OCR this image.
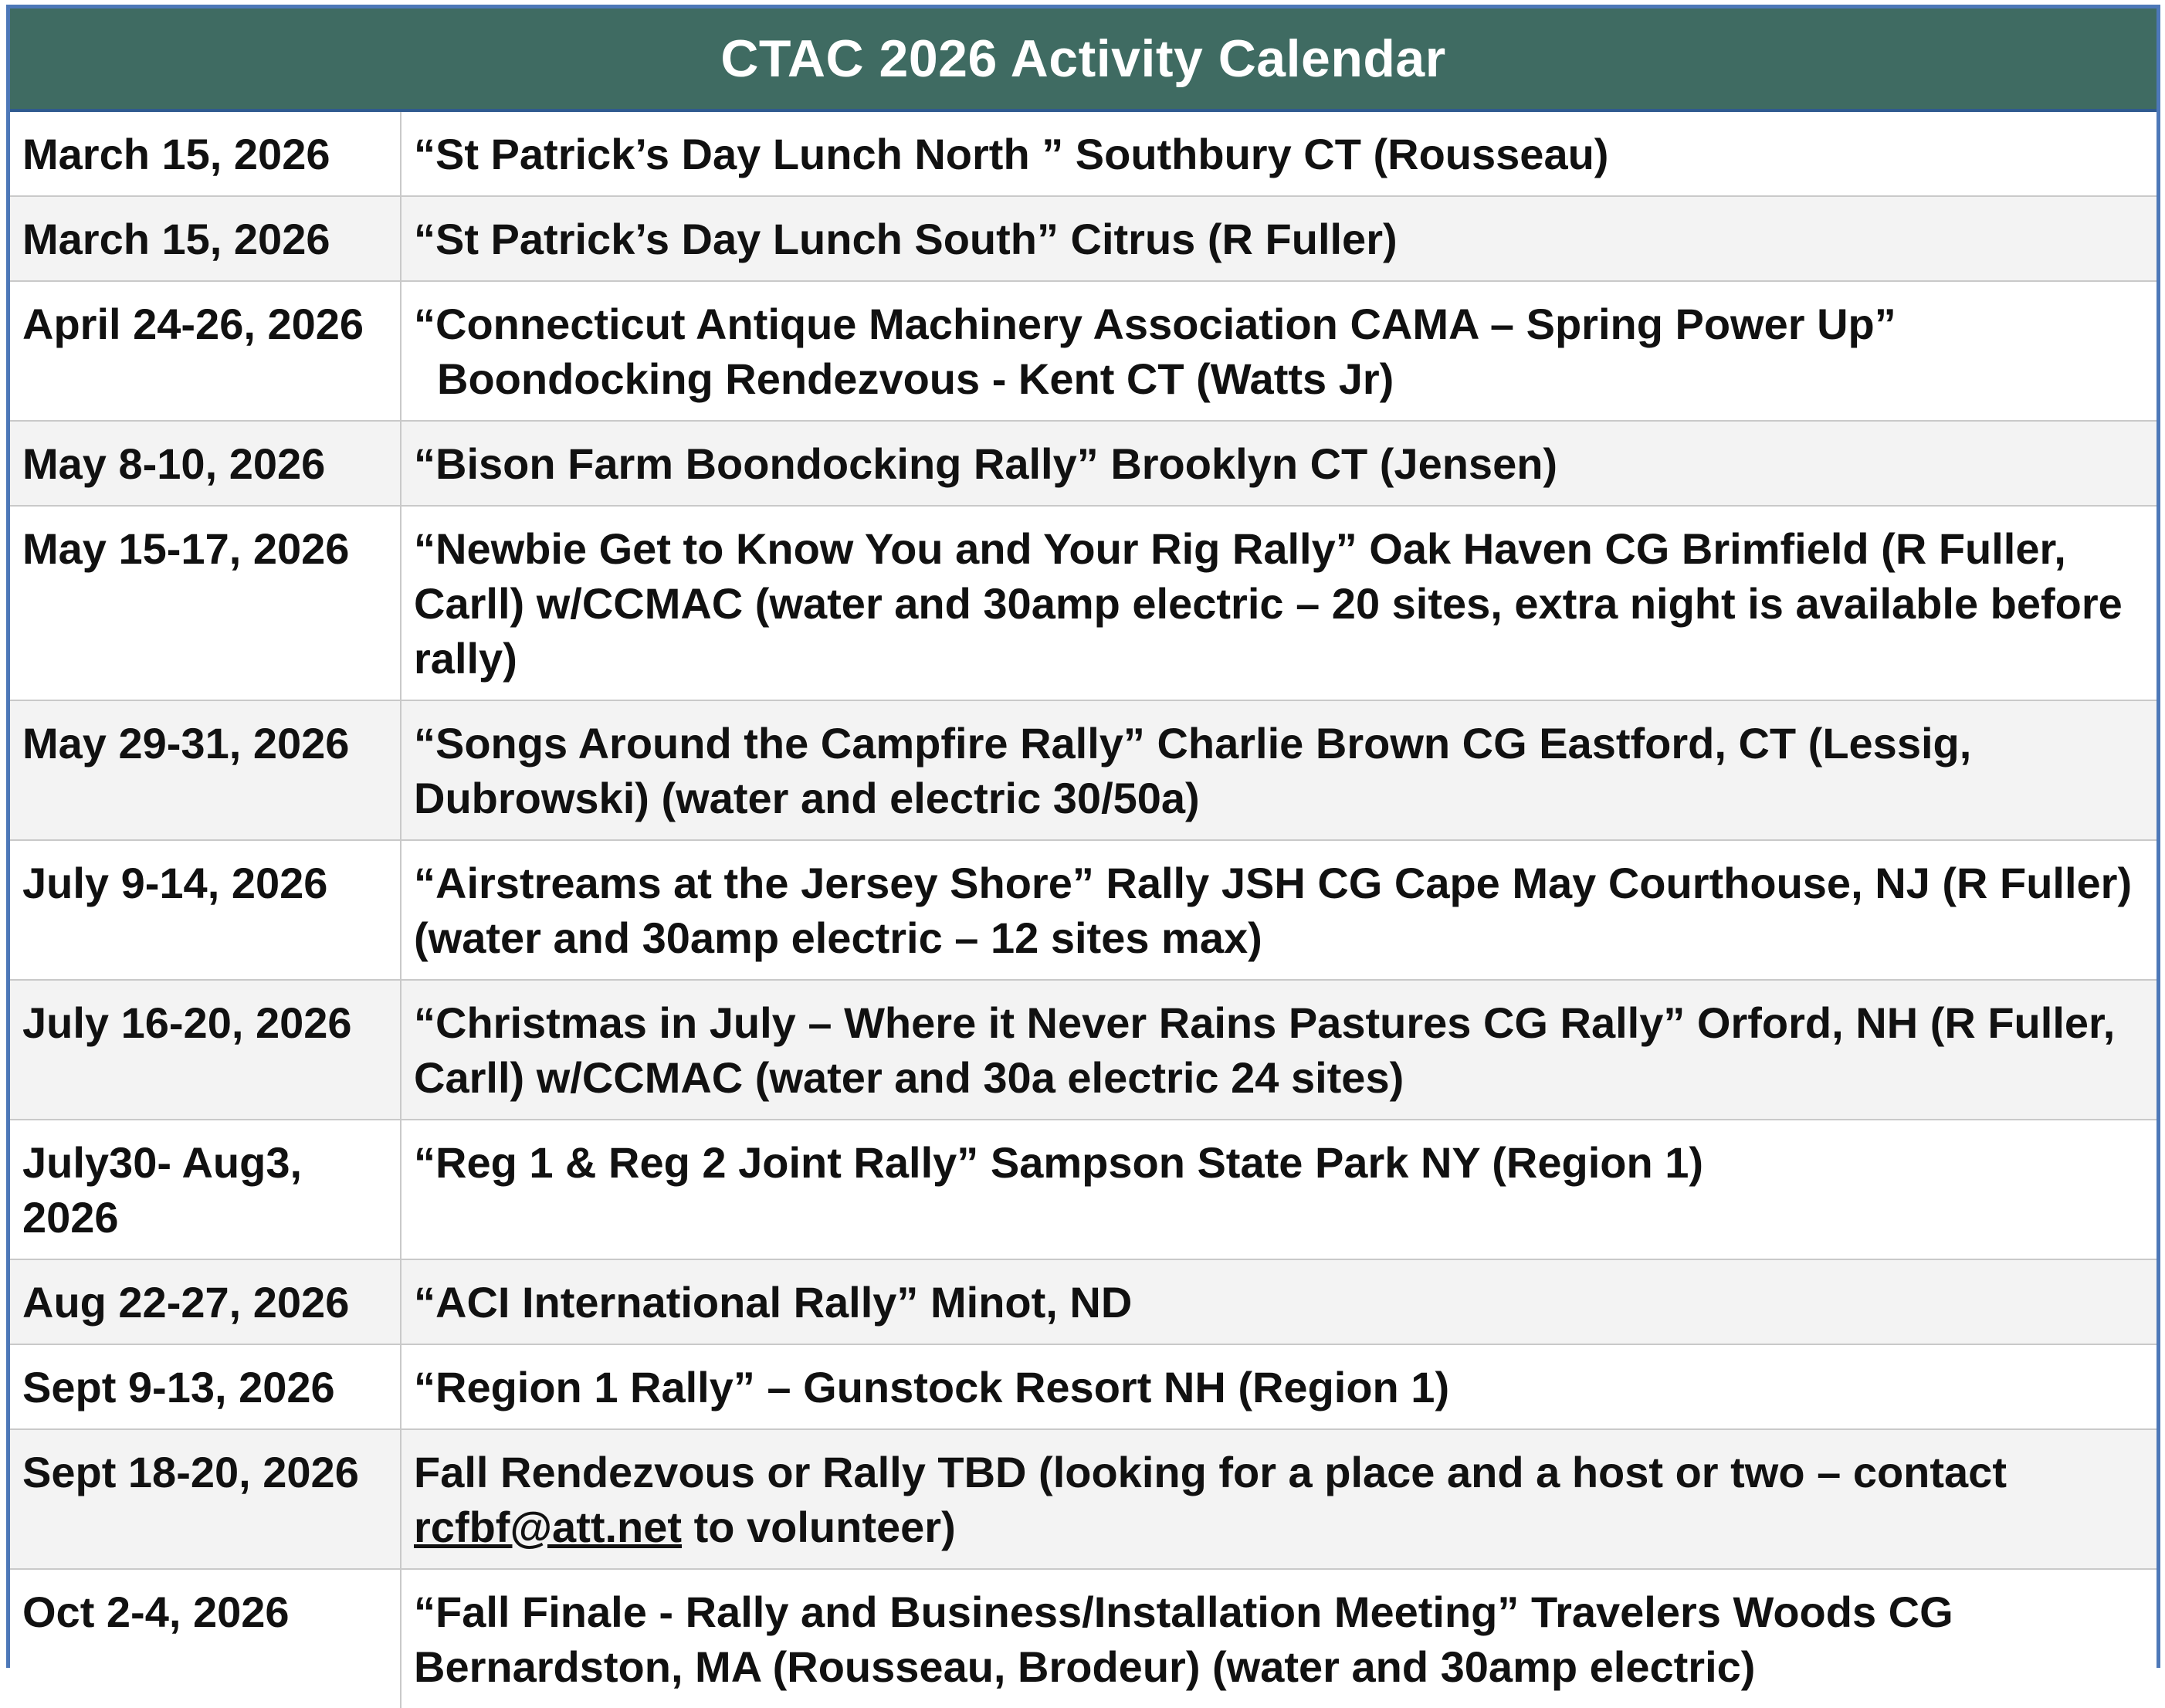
CTAC 2026 Activity Calendar
March 15, 2026	“St Patrick’s Day Lunch North ” Southbury CT (Rousseau)
March 15, 2026	“St Patrick’s Day Lunch South” Citrus (R Fuller)
April 24-26, 2026	“Connecticut Antique Machinery Association CAMA – Spring Power Up”
Boondocking Rendezvous - Kent CT (Watts Jr)

May 8-10, 2026	“Bison Farm Boondocking Rally” Brooklyn CT (Jensen)
May 15-17, 2026	“Newbie Get to Know You and Your Rig Rally” Oak Haven CG Brimfield (R Fuller, Carll) w/CCMAC (water and 30amp electric – 20 sites, extra night is available before rally)
May 29-31, 2026	“Songs Around the Campfire Rally” Charlie Brown CG Eastford, CT (Lessig, Dubrowski) (water and electric 30/50a)
July 9-14, 2026	“Airstreams at the Jersey Shore” Rally JSH CG Cape May Courthouse, NJ (R Fuller) (water and 30amp electric – 12 sites max)
July 16-20, 2026	“Christmas in July – Where it Never Rains Pastures CG Rally” Orford, NH (R Fuller, Carll) w/CCMAC (water and 30a electric 24 sites)
July30- Aug3, 2026	“Reg 1 & Reg 2 Joint Rally” Sampson State Park NY (Region 1)
Aug 22-27, 2026	“ACI International Rally” Minot, ND
Sept 9-13, 2026	“Region 1 Rally” – Gunstock Resort NH (Region 1)
Sept 18-20, 2026	Fall Rendezvous or Rally TBD (looking for a place and a host or two – contact rcfbf@att.net to volunteer)
Oct 2-4, 2026	“Fall Finale - Rally and Business/Installation Meeting” Travelers Woods CG Bernardston, MA (Rousseau, Brodeur) (water and 30amp electric)
